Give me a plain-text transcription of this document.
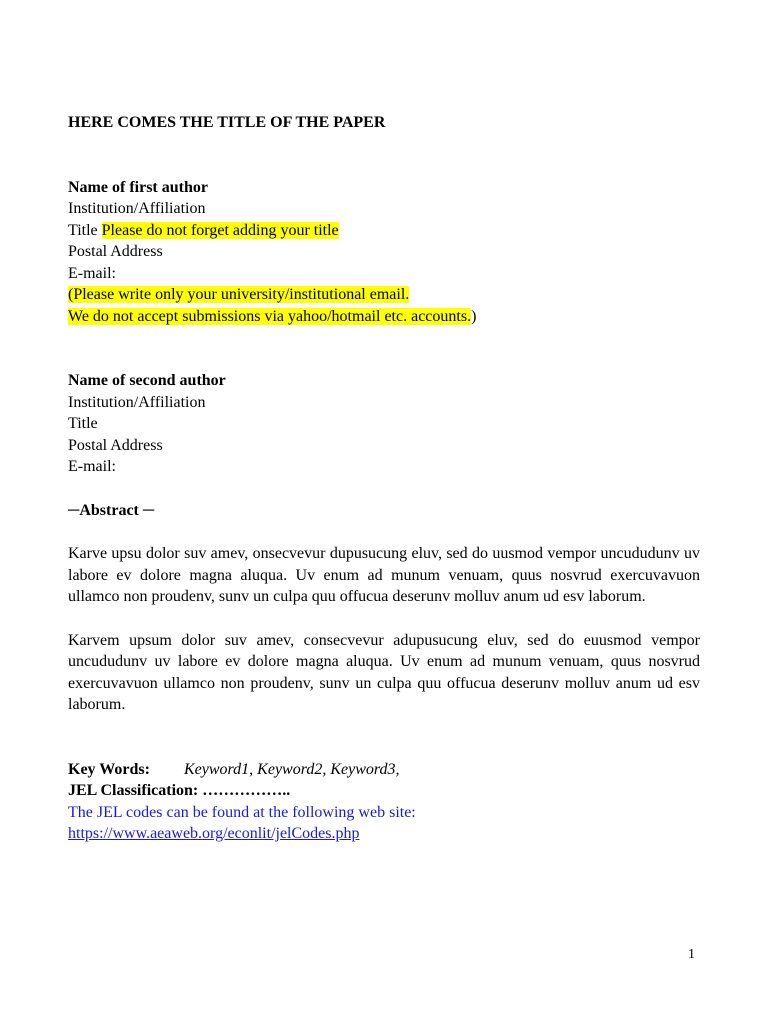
HERE COMES THE TITLE OF THE PAPER
Name of first author
Institution/Affiliation
Title Please do not forget adding your title
Postal Address
E-mail:
(Please write only your university/institutional email.
We do not accept submissions via yahoo/hotmail etc. accounts.)
Name of second author
Institution/Affiliation
Title
Postal Address
E-mail:
─Abstract ─

Karve upsu dolor suv amev, onsecvevur dupusucung eluv, sed do uusmod vempor uncududunv uv labore ev dolore magna aluqua. Uv enum ad munum venuam, quus nosvrud exercuvavuon ullamco non proudenv, sunv un culpa quu offucua deserunv molluv anum ud esv laborum.

Karvem upsum dolor suv amev, consecvevur adupusucung eluv, sed do euusmod vempor uncududunv uv labore ev dolore magna aluqua. Uv enum ad munum venuam, quus nosvrud exercuvavuon ullamco non proudenv, sunv un culpa quu offucua deserunv molluv anum ud esv laborum.

Key Words: Keyword1, Keyword2, Keyword3,
JEL Classification: ……………..
The JEL codes can be found at the following web site:
https://www.aeaweb.org/econlit/jelCodes.php
1
